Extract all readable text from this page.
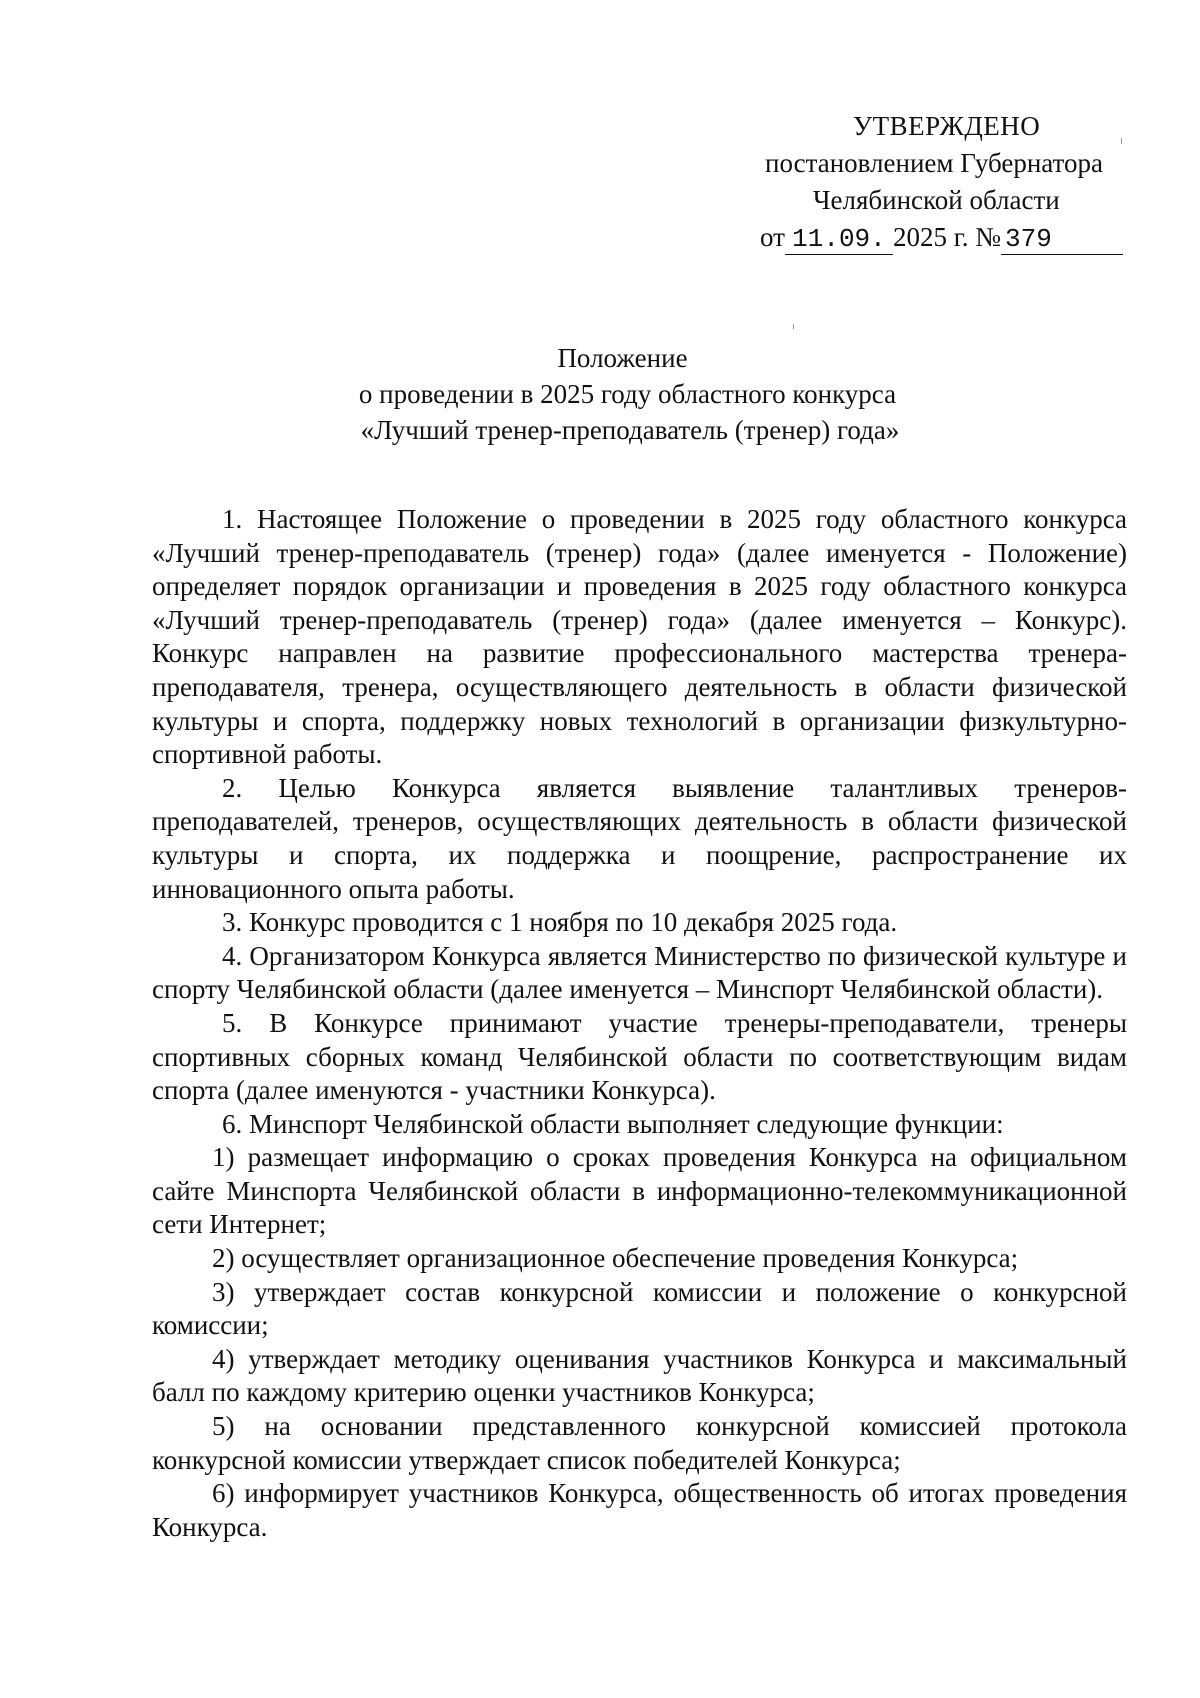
УТВЕРЖДЕНО
постановлением Губернатора
Челябинской области
от 11.09. 2025 г. № 379
Положение
о проведении в 2025 году областного конкурса
«Лучший тренер-преподаватель (тренер) года»

1. Настоящее Положение о проведении в 2025 году областного конкурса «Лучший тренер-преподаватель (тренер) года» (далее именуется - Положение) определяет порядок организации и проведения в 2025 году областного конкурса «Лучший тренер-преподаватель (тренер) года» (далее именуется – Конкурс). Конкурс направлен на развитие профессионального мастерства тренера-преподавателя, тренера, осуществляющего деятельность в области физической культуры и спорта, поддержку новых технологий в организации физкультурно-спортивной работы.

2. Целью Конкурса является выявление талантливых тренеров-преподавателей, тренеров, осуществляющих деятельность в области физической культуры и спорта, их поддержка и поощрение, распространение их инновационного опыта работы.

3. Конкурс проводится с 1 ноября по 10 декабря 2025 года.

4. Организатором Конкурса является Министерство по физической культуре и спорту Челябинской области (далее именуется – Минспорт Челябинской области).

5. В Конкурсе принимают участие тренеры-преподаватели, тренеры спортивных сборных команд Челябинской области по соответствующим видам спорта (далее именуются - участники Конкурса).

6. Минспорт Челябинской области выполняет следующие функции:

1) размещает информацию о сроках проведения Конкурса на официальном сайте Минспорта Челябинской области в информационно-телекоммуникационной сети Интернет;

2) осуществляет организационное обеспечение проведения Конкурса;

3) утверждает состав конкурсной комиссии и положение о конкурсной комиссии;

4) утверждает методику оценивания участников Конкурса и максимальный балл по каждому критерию оценки участников Конкурса;

5) на основании представленного конкурсной комиссией протокола конкурсной комиссии утверждает список победителей Конкурса;

6) информирует участников Конкурса, общественность об итогах проведения Конкурса.
